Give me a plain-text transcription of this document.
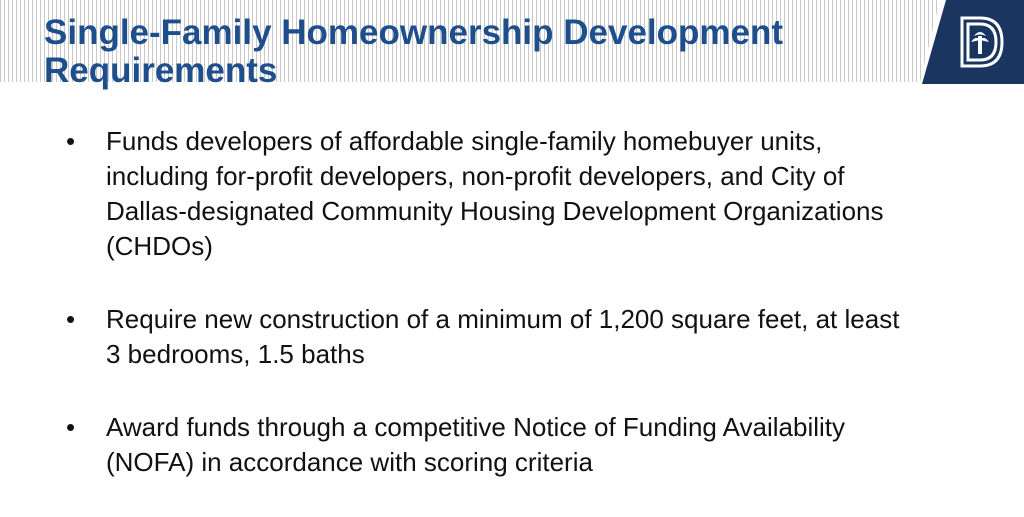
Single-Family Homeownership Development Requirements
• Funds developers of affordable single-family homebuyer units, including for-profit developers, non-profit developers, and City of Dallas-designated Community Housing Development Organizations (CHDOs)
• Require new construction of a minimum of 1,200 square feet, at least 3 bedrooms, 1.5 baths
• Award funds through a competitive Notice of Funding Availability (NOFA) in accordance with scoring criteria
